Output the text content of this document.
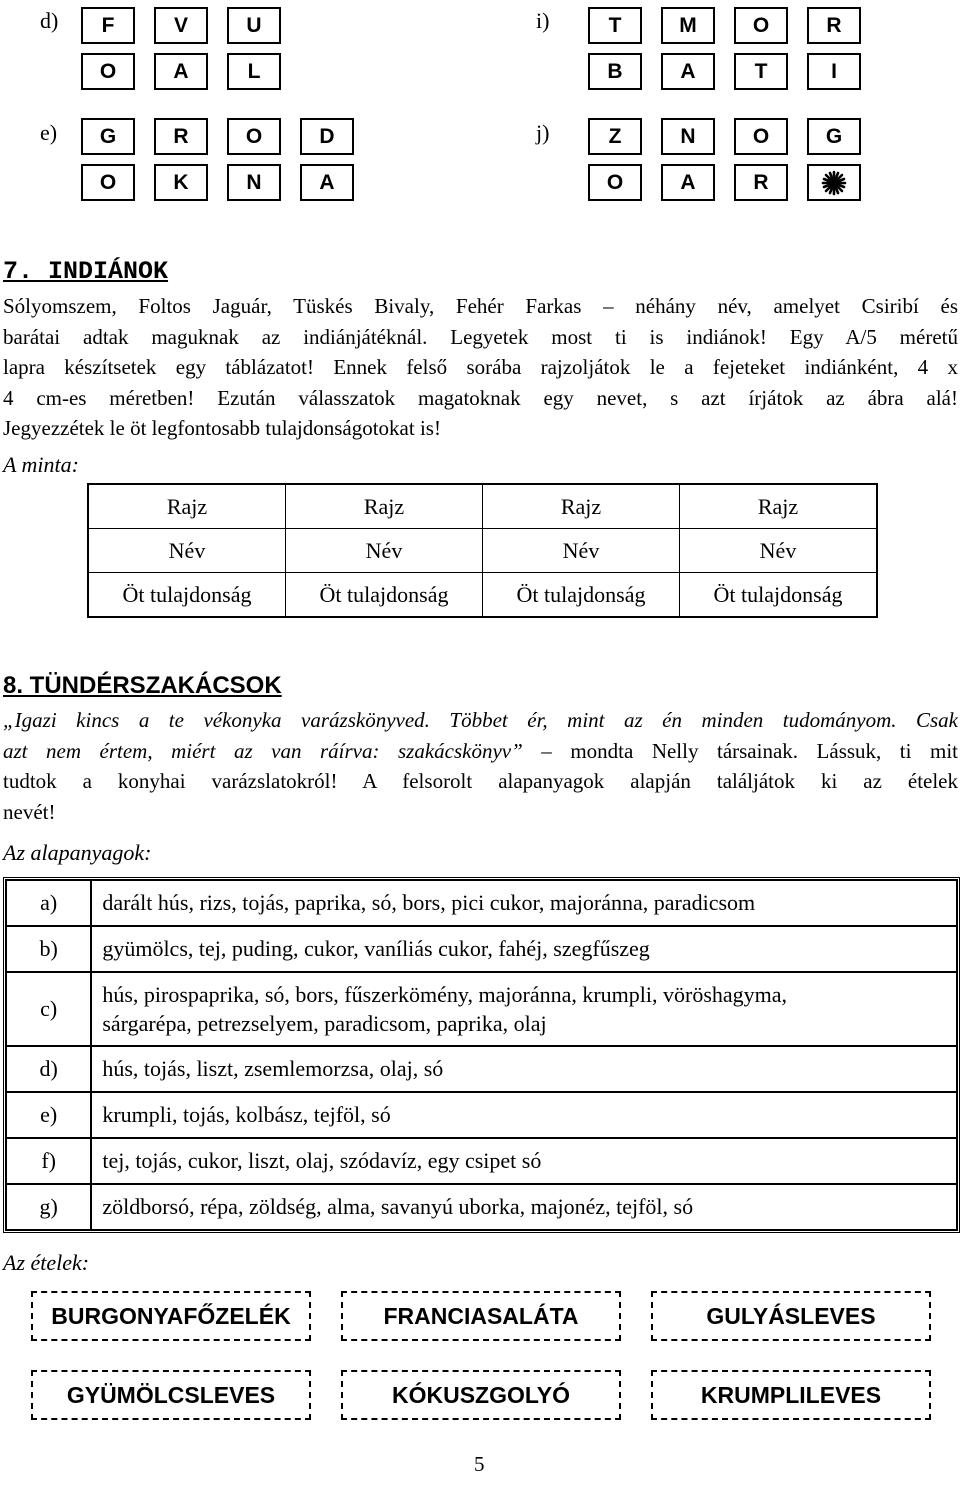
d)	F	V	U
O	A	L
i)	T	M	O	R
B	A	T	I
e)	G	R	O	D
O	K	N	A
j)	Z	N	O	G
O	A	R
7. INDIÁNOK
Sólyomszem, Foltos Jaguár, Tüskés Bivaly, Fehér Farkas – néhány név, amelyet Csiribí és
barátai adtak maguknak az indiánjátéknál. Legyetek most ti is indiánok! Egy A/5 méretű
lapra készítsetek egy táblázatot! Ennek felső sorába rajzoljátok le a fejeteket indiánként, 4 x
4 cm-es méretben! Ezután válasszatok magatoknak egy nevet, s azt írjátok az ábra alá!
Jegyezzétek le öt legfontosabb tulajdonságotokat is!
A minta:
Rajz	Rajz	Rajz	Rajz
Név	Név	Név	Név
Öt tulajdonság	Öt tulajdonság	Öt tulajdonság	Öt tulajdonság
8. TÜNDÉRSZAKÁCSOK
„Igazi kincs a te vékonyka varázskönyved. Többet ér, mint az én minden tudományom. Csak
azt nem értem, miért az van ráírva: szakácskönyv” – mondta Nelly társainak. Lássuk, ti mit
tudtok a konyhai varázslatokról! A felsorolt alapanyagok alapján találjátok ki az ételek
nevét!
Az alapanyagok:
a)	darált hús, rizs, tojás, paprika, só, bors, pici cukor, majoránna, paradicsom
b)	gyümölcs, tej, puding, cukor, vaníliás cukor, fahéj, szegfűszeg
c)	hús, pirospaprika, só, bors, fűszerkömény, majoránna, krumpli, vöröshagyma,
sárgarépa, petrezselyem, paradicsom, paprika, olaj

d)	hús, tojás, liszt, zsemlemorzsa, olaj, só
e)	krumpli, tojás, kolbász, tejföl, só
f)	tej, tojás, cukor, liszt, olaj, szódavíz, egy csipet só
g)	zöldborsó, répa, zöldség, alma, savanyú uborka, majonéz, tejföl, só
Az ételek:
BURGONYAFŐZELÉK	FRANCIASALÁTA	GULYÁSLEVES
GYÜMÖLCSLEVES	KÓKUSZGOLYÓ	KRUMPLILEVES
5
